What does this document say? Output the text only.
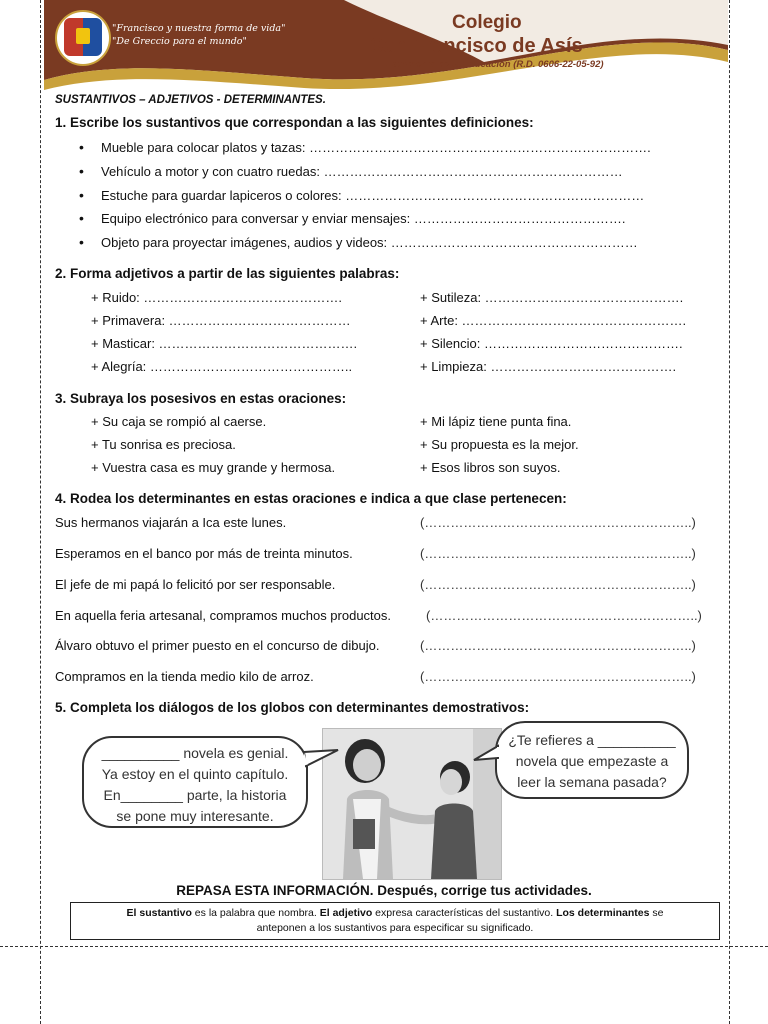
"Francisco y nuestra forma de vida"
"De Greccio para el mundo"
Colegio
San Francisco de Asís
Patrimonio de la Educación (R.D. 0606-22-05-92)
SUSTANTIVOS – ADJETIVOS - DETERMINANTES.
1. Escribe los sustantivos que correspondan a las siguientes definiciones:
• Mueble para colocar platos y tazas: …………………………………………………………………….
• Vehículo a motor y con cuatro ruedas: ……………………………………………………………
• Estuche para guardar lapiceros o colores: ……………………………………………………………
• Equipo electrónico para conversar y enviar mensajes: ………………………………………….
• Objeto para proyectar imágenes, audios y videos: …………………………………………………
2. Forma adjetivos a partir de las siguientes palabras:
+ Ruido: ……………………………………….
+ Primavera: ……………………………………
+ Masticar: ……………………………………….
+ Alegría: ………………………………………..
+ Sutileza: ……………………………………….
+ Arte: …………………………………………….
+ Silencio: ……………………………………….
+ Limpieza: …………………………………….
3. Subraya los posesivos en estas oraciones:
+ Su caja se rompió al caerse.
+ Tu sonrisa es preciosa.
+ Vuestra casa es muy grande y hermosa.
+ Mi lápiz tiene punta fina.
+ Su propuesta es la mejor.
+ Esos libros son suyos.
4. Rodea los determinantes en estas oraciones e indica a que clase pertenecen:
Sus hermanos viajarán a Ica este lunes.
Esperamos en el banco por más de treinta minutos.
El jefe de mi papá lo felicitó por ser responsable.
En aquella feria artesanal, compramos muchos productos.
Álvaro obtuvo el primer puesto en el concurso de dibujo.
Compramos en la tienda medio kilo de arroz.
(……………………………………………………..)
(……………………………………………………..)
(……………………………………………………..)
(……………………………………………………..)
(……………………………………………………..)
(……………………………………………………..)
5. Completa los diálogos de los globos con determinantes demostrativos:
__________ novela es genial.
Ya estoy en el quinto capítulo.
En________ parte, la historia
se pone muy interesante.
¿Te refieres a __________
novela que empezaste a
leer la semana pasada?
REPASA ESTA INFORMACIÓN. Después, corrige tus actividades.
El sustantivo es la palabra que nombra. El adjetivo expresa características del sustantivo. Los determinantes se
anteponen a los sustantivos para especificar su significado.
